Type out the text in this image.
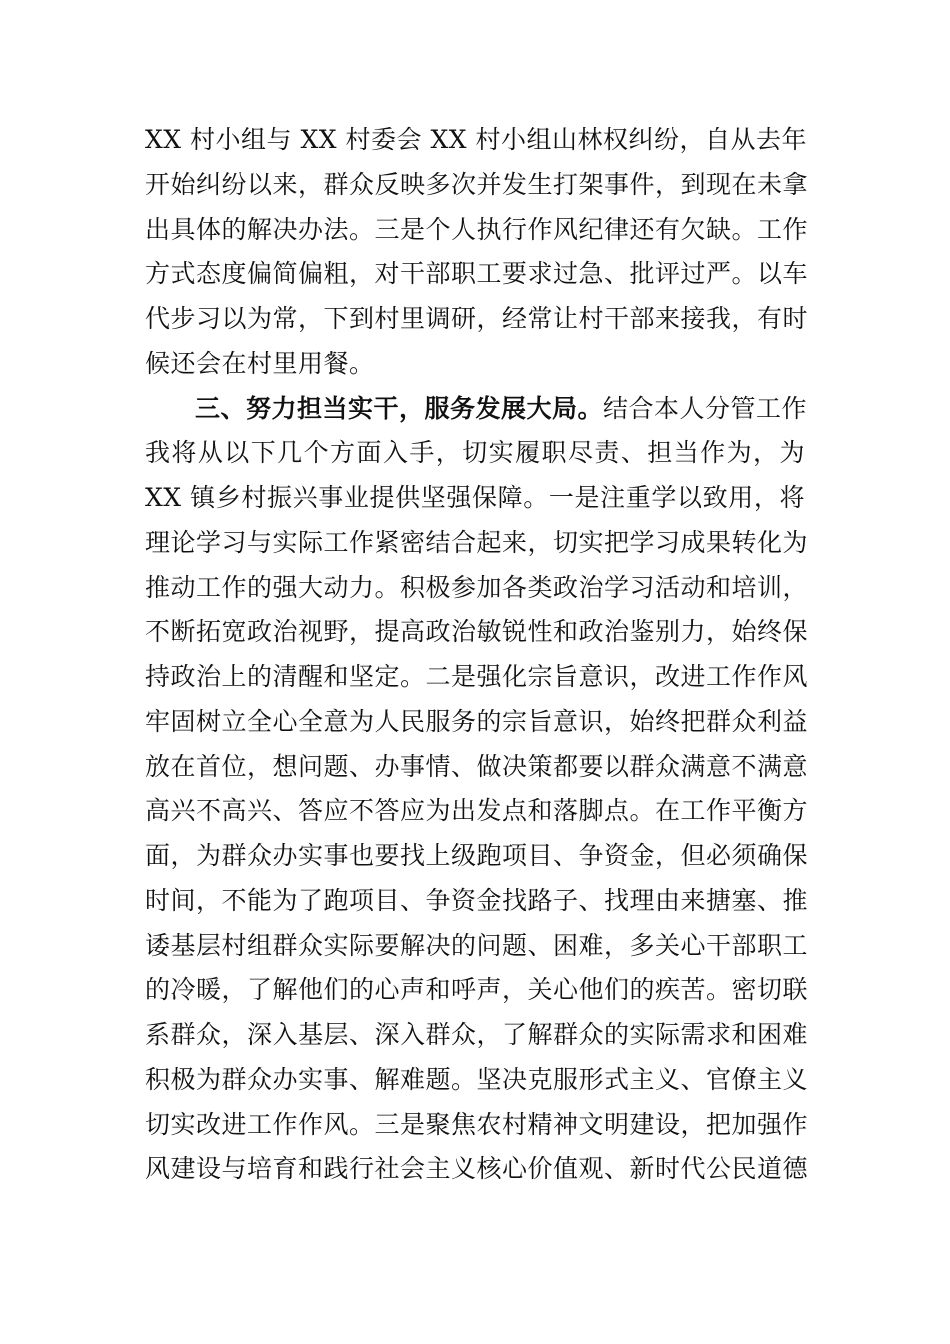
XX 村小组与 XX 村委会 XX 村小组山林权纠纷，自从去年
开始纠纷以来，群众反映多次并发生打架事件，到现在未拿
出具体的解决办法。三是个人执行作风纪律还有欠缺。工作
方式态度偏简偏粗，对干部职工要求过急、批评过严。以车
代步习以为常，下到村里调研，经常让村干部来接我，有时
候还会在村里用餐。
三、努力担当实干，服务发展大局。结合本人分管工作
我将从以下几个方面入手，切实履职尽责、担当作为，为
XX 镇乡村振兴事业提供坚强保障。一是注重学以致用，将
理论学习与实际工作紧密结合起来，切实把学习成果转化为
推动工作的强大动力。积极参加各类政治学习活动和培训，
不断拓宽政治视野，提高政治敏锐性和政治鉴别力，始终保
持政治上的清醒和坚定。二是强化宗旨意识，改进工作作风
牢固树立全心全意为人民服务的宗旨意识，始终把群众利益
放在首位，想问题、办事情、做决策都要以群众满意不满意
高兴不高兴、答应不答应为出发点和落脚点。在工作平衡方
面，为群众办实事也要找上级跑项目、争资金，但必须确保
时间，不能为了跑项目、争资金找路子、找理由来搪塞、推
诿基层村组群众实际要解决的问题、困难，多关心干部职工
的冷暖，了解他们的心声和呼声，关心他们的疾苦。密切联
系群众，深入基层、深入群众，了解群众的实际需求和困难
积极为群众办实事、解难题。坚决克服形式主义、官僚主义
切实改进工作作风。三是聚焦农村精神文明建设，把加强作
风建设与培育和践行社会主义核心价值观、新时代公民道德
